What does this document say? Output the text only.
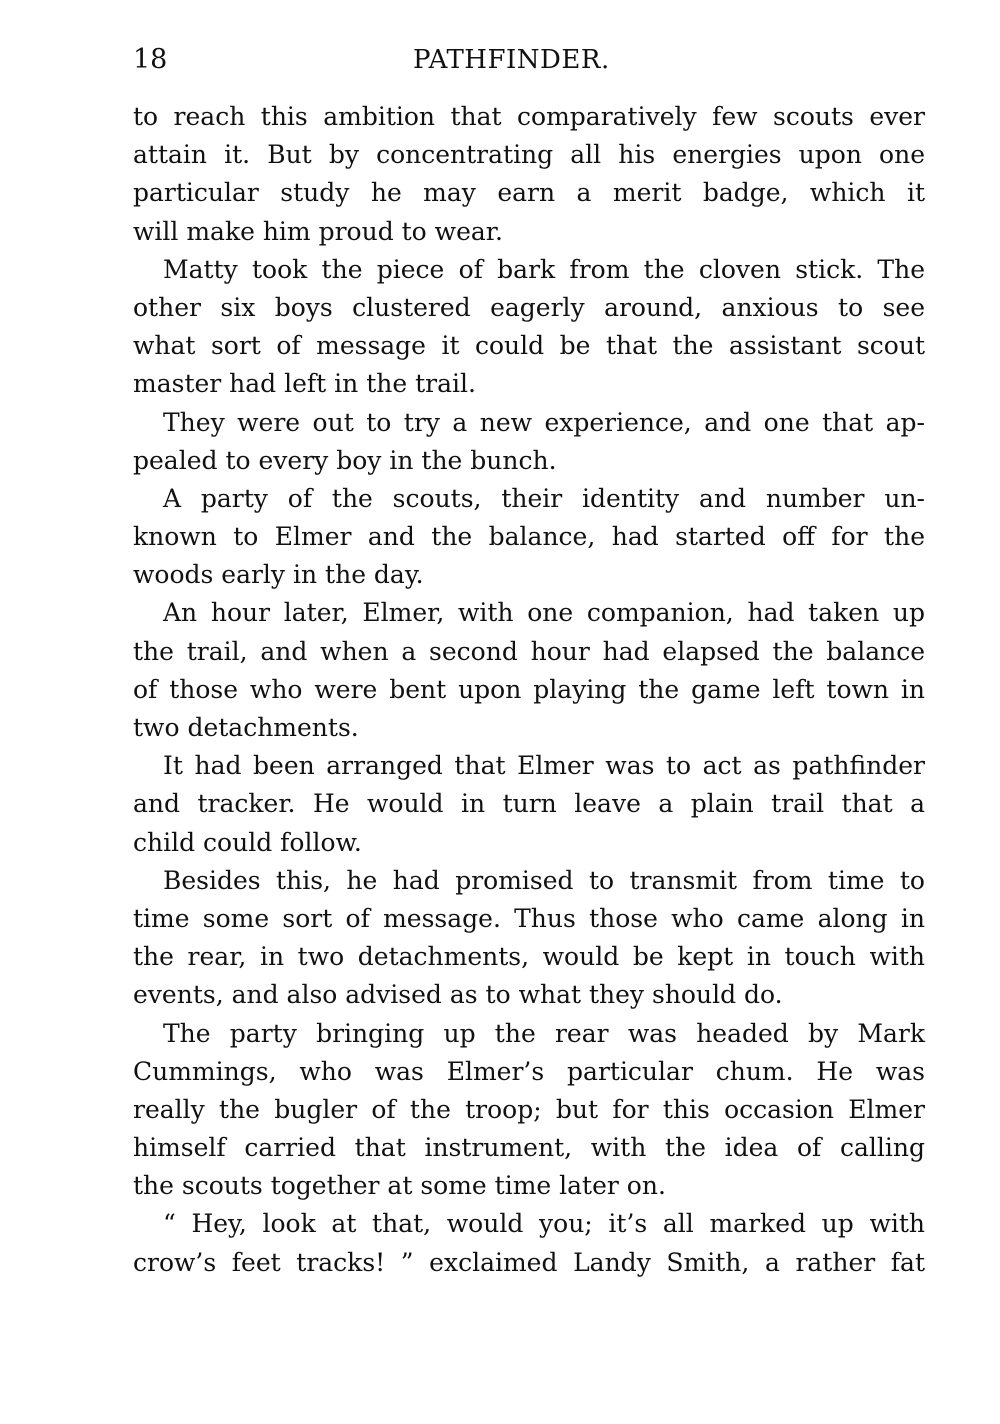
18	PATHFINDER.
to reach this ambition that comparatively few scouts ever
attain it. But by concentrating all his energies upon one
particular study he may earn a merit badge, which it
will make him proud to wear.
Matty took the piece of bark from the cloven stick. The
other six boys clustered eagerly around, anxious to see
what sort of message it could be that the assistant scout
master had left in the trail.
They were out to try a new experience, and one that ap-
pealed to every boy in the bunch.
A party of the scouts, their identity and number un-
known to Elmer and the balance, had started off for the
woods early in the day.
An hour later, Elmer, with one companion, had taken up
the trail, and when a second hour had elapsed the balance
of those who were bent upon playing the game left town in
two detachments.
It had been arranged that Elmer was to act as pathfinder
and tracker. He would in turn leave a plain trail that a
child could follow.
Besides this, he had promised to transmit from time to
time some sort of message. Thus those who came along in
the rear, in two detachments, would be kept in touch with
events, and also advised as to what they should do.
The party bringing up the rear was headed by Mark
Cummings, who was Elmer’s particular chum. He was
really the bugler of the troop; but for this occasion Elmer
himself carried that instrument, with the idea of calling
the scouts together at some time later on.
“ Hey, look at that, would you; it’s all marked up with
crow’s feet tracks! ” exclaimed Landy Smith, a rather fat
